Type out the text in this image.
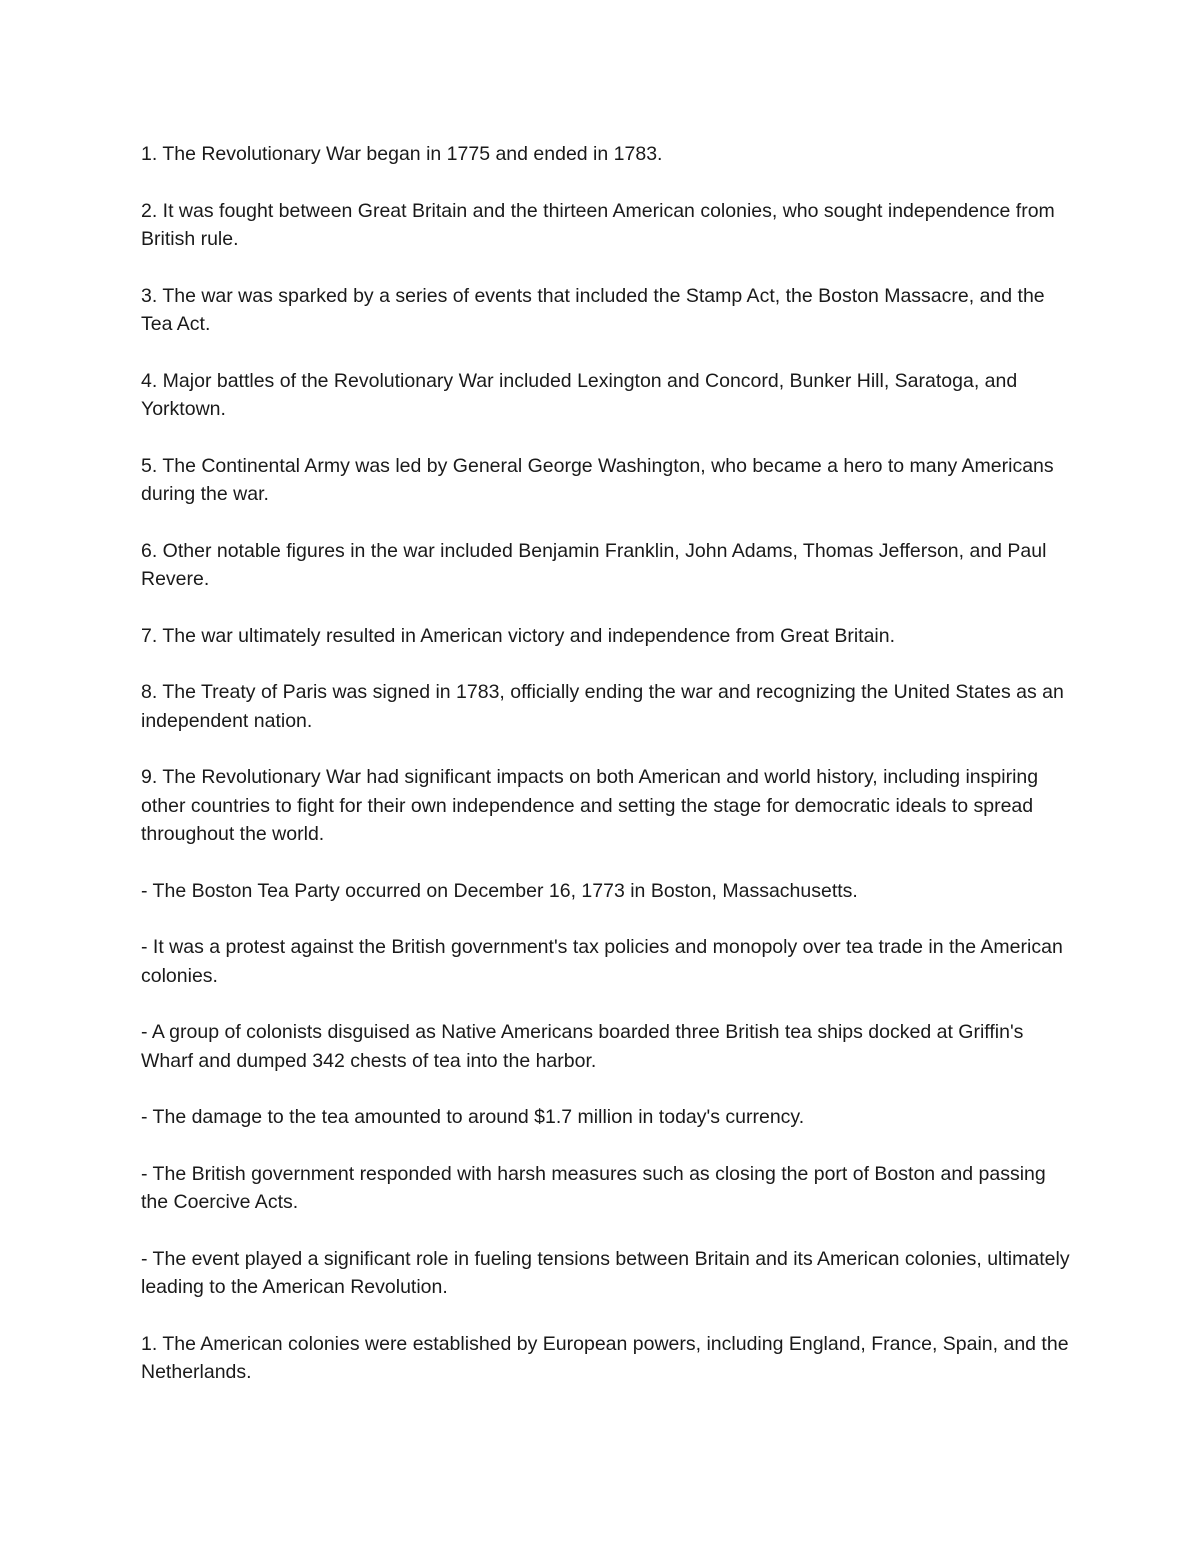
1. The Revolutionary War began in 1775 and ended in 1783.

2. It was fought between Great Britain and the thirteen American colonies, who sought independence from British rule.

3. The war was sparked by a series of events that included the Stamp Act, the Boston Massacre, and the Tea Act.

4. Major battles of the Revolutionary War included Lexington and Concord, Bunker Hill, Saratoga, and Yorktown.

5. The Continental Army was led by General George Washington, who became a hero to many Americans during the war.

6. Other notable figures in the war included Benjamin Franklin, John Adams, Thomas Jefferson, and Paul Revere.

7. The war ultimately resulted in American victory and independence from Great Britain.

8. The Treaty of Paris was signed in 1783, officially ending the war and recognizing the United States as an independent nation.

9. The Revolutionary War had significant impacts on both American and world history, including inspiring other countries to fight for their own independence and setting the stage for democratic ideals to spread throughout the world.

- The Boston Tea Party occurred on December 16, 1773 in Boston, Massachusetts.

- It was a protest against the British government's tax policies and monopoly over tea trade in the American colonies.

- A group of colonists disguised as Native Americans boarded three British tea ships docked at Griffin's Wharf and dumped 342 chests of tea into the harbor.

- The damage to the tea amounted to around $1.7 million in today's currency.

- The British government responded with harsh measures such as closing the port of Boston and passing the Coercive Acts.

- The event played a significant role in fueling tensions between Britain and its American colonies, ultimately leading to the American Revolution.

1. The American colonies were established by European powers, including England, France, Spain, and the Netherlands.
